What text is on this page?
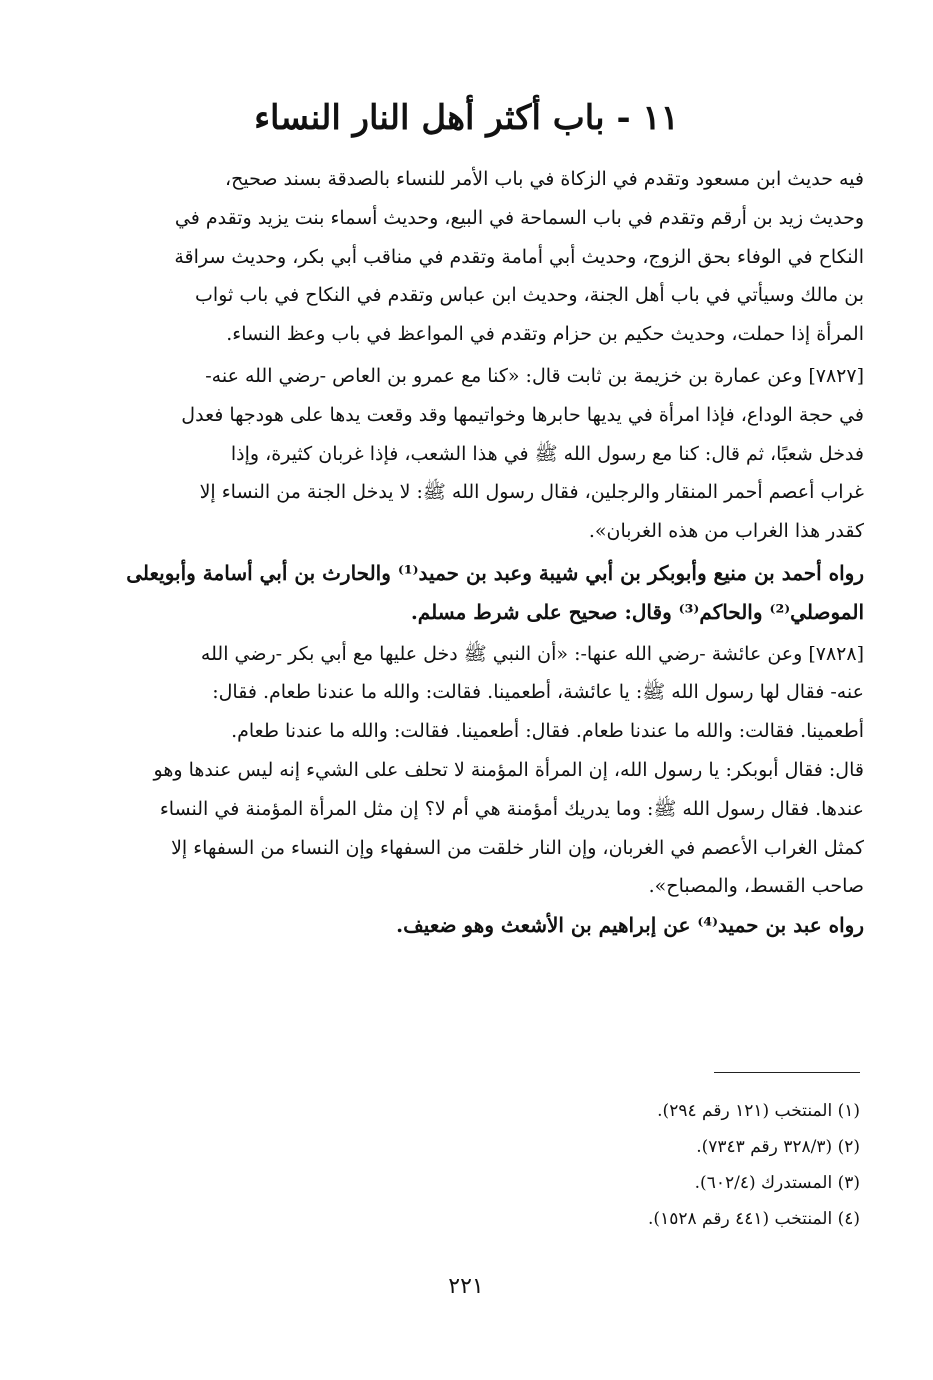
١١ - باب أكثر أهل النار النساء
فيه حديث ابن مسعود وتقدم في الزكاة في باب الأمر للنساء بالصدقة بسند صحيح،
وحديث زيد بن أرقم وتقدم في باب السماحة في البيع، وحديث أسماء بنت يزيد وتقدم في
النكاح في الوفاء بحق الزوج، وحديث أبي أمامة وتقدم في مناقب أبي بكر، وحديث سراقة
بن مالك وسيأتي في باب أهل الجنة، وحديث ابن عباس وتقدم في النكاح في باب ثواب
المرأة إذا حملت، وحديث حكيم بن حزام وتقدم في المواعظ في باب وعظ النساء.
[٧٨٢٧] وعن عمارة بن خزيمة بن ثابت قال: «كنا مع عمرو بن العاص -رضي الله عنه-
في حجة الوداع، فإذا امرأة في يديها حابرها وخواتيمها وقد وقعت يدها على هودجها فعدل
فدخل شعبًا، ثم قال: كنا مع رسول الله ﷺ في هذا الشعب، فإذا غربان كثيرة، وإذا
غراب أعصم أحمر المنقار والرجلين، فقال رسول الله ﷺ: لا يدخل الجنة من النساء إلا
كقدر هذا الغراب من هذه الغربان».
رواه أحمد بن منيع وأبوبكر بن أبي شيبة وعبد بن حميد⁽¹⁾ والحارث بن أبي أسامة وأبويعلى
الموصلي⁽²⁾ والحاكم⁽³⁾ وقال: صحيح على شرط مسلم.
[٧٨٢٨] وعن عائشة -رضي الله عنها-: «أن النبي ﷺ دخل عليها مع أبي بكر -رضي الله
عنه- فقال لها رسول الله ﷺ: يا عائشة، أطعمينا. فقالت: والله ما عندنا طعام. فقال:
أطعمينا. فقالت: والله ما عندنا طعام. فقال: أطعمينا. فقالت: والله ما عندنا طعام.
قال: فقال أبوبكر: يا رسول الله، إن المرأة المؤمنة لا تحلف على الشيء إنه ليس عندها وهو
عندها. فقال رسول الله ﷺ: وما يدريك أمؤمنة هي أم لا؟ إن مثل المرأة المؤمنة في النساء
كمثل الغراب الأعصم في الغربان، وإن النار خلقت من السفهاء وإن النساء من السفهاء إلا
صاحب القسط، والمصباح».
رواه عبد بن حميد⁽⁴⁾ عن إبراهيم بن الأشعث وهو ضعيف.
(١) المنتخب (١٢١ رقم ٢٩٤).
(٢) (٣٢٨/٣ رقم ٧٣٤٣).
(٣) المستدرك (٦٠٢/٤).
(٤) المنتخب (٤٤١ رقم ١٥٢٨).
٢٢١
